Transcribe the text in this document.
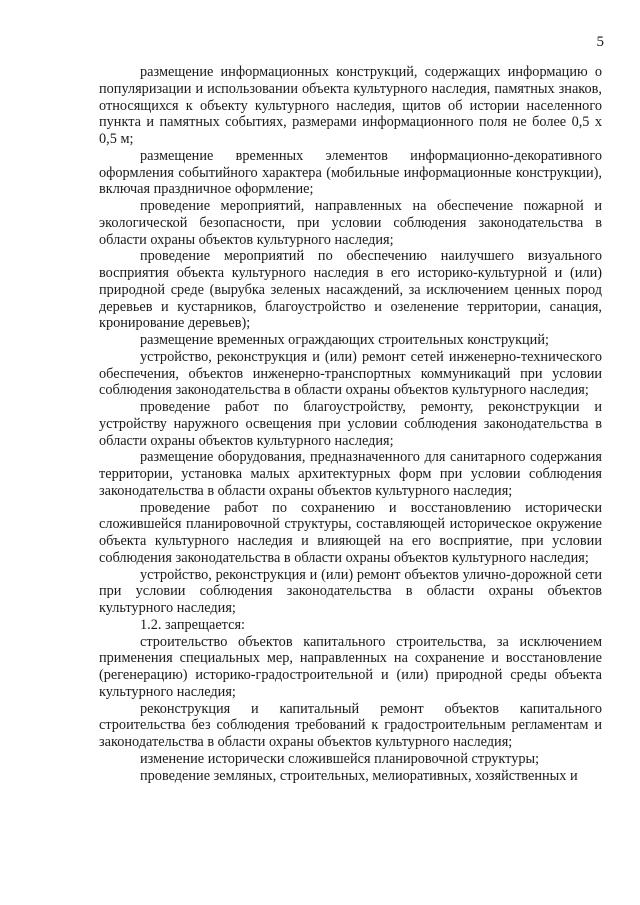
5

размещение информационных конструкций, содержащих информацию о популяризации и использовании объекта культурного наследия, памятных знаков, относящихся к объекту культурного наследия, щитов об истории населенного пункта и памятных событиях, размерами информационного поля не более 0,5 х 0,5 м;

размещение временных элементов информационно-декоративного оформления событийного характера (мобильные информационные конструкции), включая праздничное оформление;

проведение мероприятий, направленных на обеспечение пожарной и экологической безопасности, при условии соблюдения законодательства в области охраны объектов культурного наследия;

проведение мероприятий по обеспечению наилучшего визуального восприятия объекта культурного наследия в его историко-культурной и (или) природной среде (вырубка зеленых насаждений, за исключением ценных пород деревьев и кустарников, благоустройство и озеленение территории, санация, кронирование деревьев);

размещение временных ограждающих строительных конструкций;

устройство, реконструкция и (или) ремонт сетей инженерно-технического обеспечения, объектов инженерно-транспортных коммуникаций при условии соблюдения законодательства в области охраны объектов культурного наследия;

проведение работ по благоустройству, ремонту, реконструкции и устройству наружного освещения при условии соблюдения законодательства в области охраны объектов культурного наследия;

размещение оборудования, предназначенного для санитарного содержания территории, установка малых архитектурных форм при условии соблюдения законодательства в области охраны объектов культурного наследия;

проведение работ по сохранению и восстановлению исторически сложившейся планировочной структуры, составляющей историческое окружение объекта культурного наследия и влияющей на его восприятие, при условии соблюдения законодательства в области охраны объектов культурного наследия;

устройство, реконструкция и (или) ремонт объектов улично-дорожной сети при условии соблюдения законодательства в области охраны объектов культурного наследия;

1.2. запрещается:

строительство объектов капитального строительства, за исключением применения специальных мер, направленных на сохранение и восстановление (регенерацию) историко-градостроительной и (или) природной среды объекта культурного наследия;

реконструкция и капитальный ремонт объектов капитального строительства без соблюдения требований к градостроительным регламентам и законодательства в области охраны объектов культурного наследия;

изменение исторически сложившейся планировочной структуры;

проведение земляных, строительных, мелиоративных, хозяйственных и
